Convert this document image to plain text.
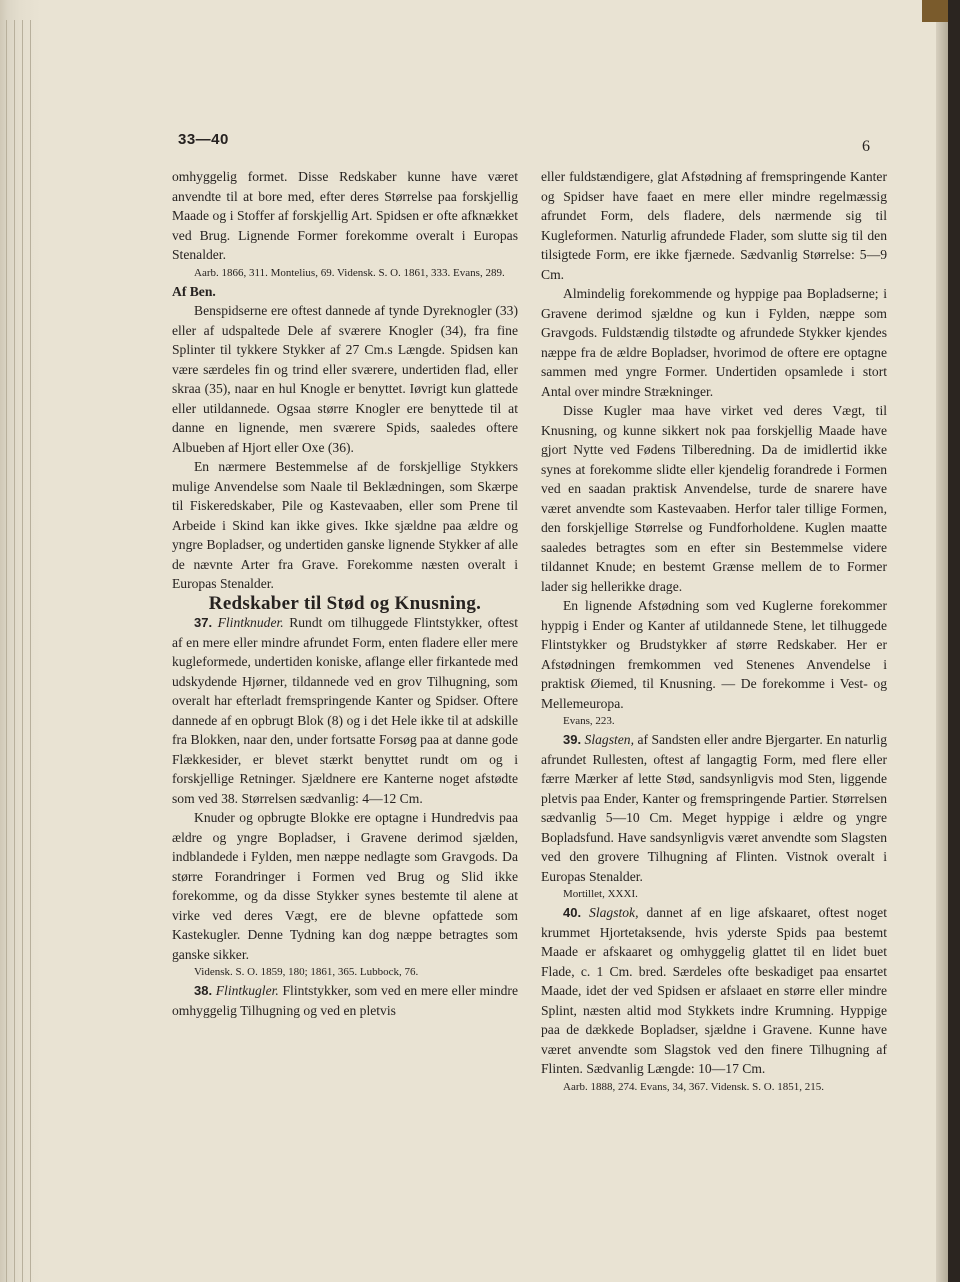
33—40	6

omhyggelig formet. Disse Redskaber kunne have været anvendte til at bore med, efter deres Størrelse paa forskjellig Maade og i Stoffer af forskjellig Art. Spidsen er ofte afknækket ved Brug. Lignende Former forekomme overalt i Europas Stenalder.

Aarb. 1866, 311. Montelius, 69. Vidensk. S. O. 1861, 333. Evans, 289.

Af Ben.

Benspidserne ere oftest dannede af tynde Dyreknogler (33) eller af udspaltede Dele af sværere Knogler (34), fra fine Splinter til tykkere Stykker af 27 Cm.s Længde. Spidsen kan være særdeles fin og trind eller sværere, undertiden flad, eller skraa (35), naar en hul Knogle er benyttet. Iøvrigt kun glattede eller utildannede. Ogsaa større Knogler ere benyttede til at danne en lignende, men sværere Spids, saaledes oftere Albueben af Hjort eller Oxe (36).

En nærmere Bestemmelse af de forskjellige Stykkers mulige Anvendelse som Naale til Beklædningen, som Skærpe til Fiskeredskaber, Pile og Kastevaaben, eller som Prene til Arbeide i Skind kan ikke gives. Ikke sjældne paa ældre og yngre Bopladser, og undertiden ganske lignende Stykker af alle de nævnte Arter fra Grave. Forekomme næsten overalt i Europas Stenalder.

Redskaber til Stød og Knusning.

37. Flintknuder. Rundt om tilhuggede Flintstykker, oftest af en mere eller mindre afrundet Form, enten fladere eller mere kugleformede, undertiden koniske, aflange eller firkantede med udskydende Hjørner, tildannede ved en grov Tilhugning, som overalt har efterladt fremspringende Kanter og Spidser. Oftere dannede af en opbrugt Blok (8) og i det Hele ikke til at adskille fra Blokken, naar den, under fortsatte Forsøg paa at danne gode Flækkesider, er blevet stærkt benyttet rundt om og i forskjellige Retninger. Sjældnere ere Kanterne noget afstødte som ved 38. Størrelsen sædvanlig: 4—12 Cm.

Knuder og opbrugte Blokke ere optagne i Hundredvis paa ældre og yngre Bopladser, i Gravene derimod sjælden, indblandede i Fylden, men næppe nedlagte som Gravgods. Da større Forandringer i Formen ved Brug og Slid ikke forekomme, og da disse Stykker synes bestemte til alene at virke ved deres Vægt, ere de blevne opfattede som Kastekugler. Denne Tydning kan dog næppe betragtes som ganske sikker.

Vidensk. S. O. 1859, 180; 1861, 365. Lubbock, 76.

38. Flintkugler. Flintstykker, som ved en mere eller mindre omhyggelig Tilhugning og ved en pletvis

eller fuldstændigere, glat Afstødning af fremspringende Kanter og Spidser have faaet en mere eller mindre regelmæssig afrundet Form, dels fladere, dels nærmende sig til Kugleformen. Naturlig afrundede Flader, som slutte sig til den tilsigtede Form, ere ikke fjærnede. Sædvanlig Størrelse: 5—9 Cm.

Almindelig forekommende og hyppige paa Bopladserne; i Gravene derimod sjældne og kun i Fylden, næppe som Gravgods. Fuldstændig tilstødte og afrundede Stykker kjendes næppe fra de ældre Bopladser, hvorimod de oftere ere optagne sammen med yngre Former. Undertiden opsamlede i stort Antal over mindre Strækninger.

Disse Kugler maa have virket ved deres Vægt, til Knusning, og kunne sikkert nok paa forskjellig Maade have gjort Nytte ved Fødens Tilberedning. Da de imidlertid ikke synes at forekomme slidte eller kjendelig forandrede i Formen ved en saadan praktisk Anvendelse, turde de snarere have været anvendte som Kastevaaben. Herfor taler tillige Formen, den forskjellige Størrelse og Fundforholdene. Kuglen maatte saaledes betragtes som en efter sin Bestemmelse videre tildannet Knude; en bestemt Grænse mellem de to Former lader sig hellerikke drage.

En lignende Afstødning som ved Kuglerne forekommer hyppig i Ender og Kanter af utildannede Stene, let tilhuggede Flintstykker og Brudstykker af større Redskaber. Her er Afstødningen fremkommen ved Stenenes Anvendelse i praktisk Øiemed, til Knusning. — De forekomme i Vest- og Mellemeuropa.

Evans, 223.

39. Slagsten, af Sandsten eller andre Bjergarter. En naturlig afrundet Rullesten, oftest af langagtig Form, med flere eller færre Mærker af lette Stød, sandsynligvis mod Sten, liggende pletvis paa Ender, Kanter og fremspringende Partier. Størrelsen sædvanlig 5—10 Cm. Meget hyppige i ældre og yngre Bopladsfund. Have sandsynligvis været anvendte som Slagsten ved den grovere Tilhugning af Flinten. Vistnok overalt i Europas Stenalder.

Mortillet, XXXI.

40. Slagstok, dannet af en lige afskaaret, oftest noget krummet Hjortetaksende, hvis yderste Spids paa bestemt Maade er afskaaret og omhyggelig glattet til en lidet buet Flade, c. 1 Cm. bred. Særdeles ofte beskadiget paa ensartet Maade, idet der ved Spidsen er afslaaet en større eller mindre Splint, næsten altid mod Stykkets indre Krumning. Hyppige paa de dækkede Bopladser, sjældne i Gravene. Kunne have været anvendte som Slagstok ved den finere Tilhugning af Flinten. Sædvanlig Længde: 10—17 Cm.

Aarb. 1888, 274. Evans, 34, 367. Vidensk. S. O. 1851, 215.
